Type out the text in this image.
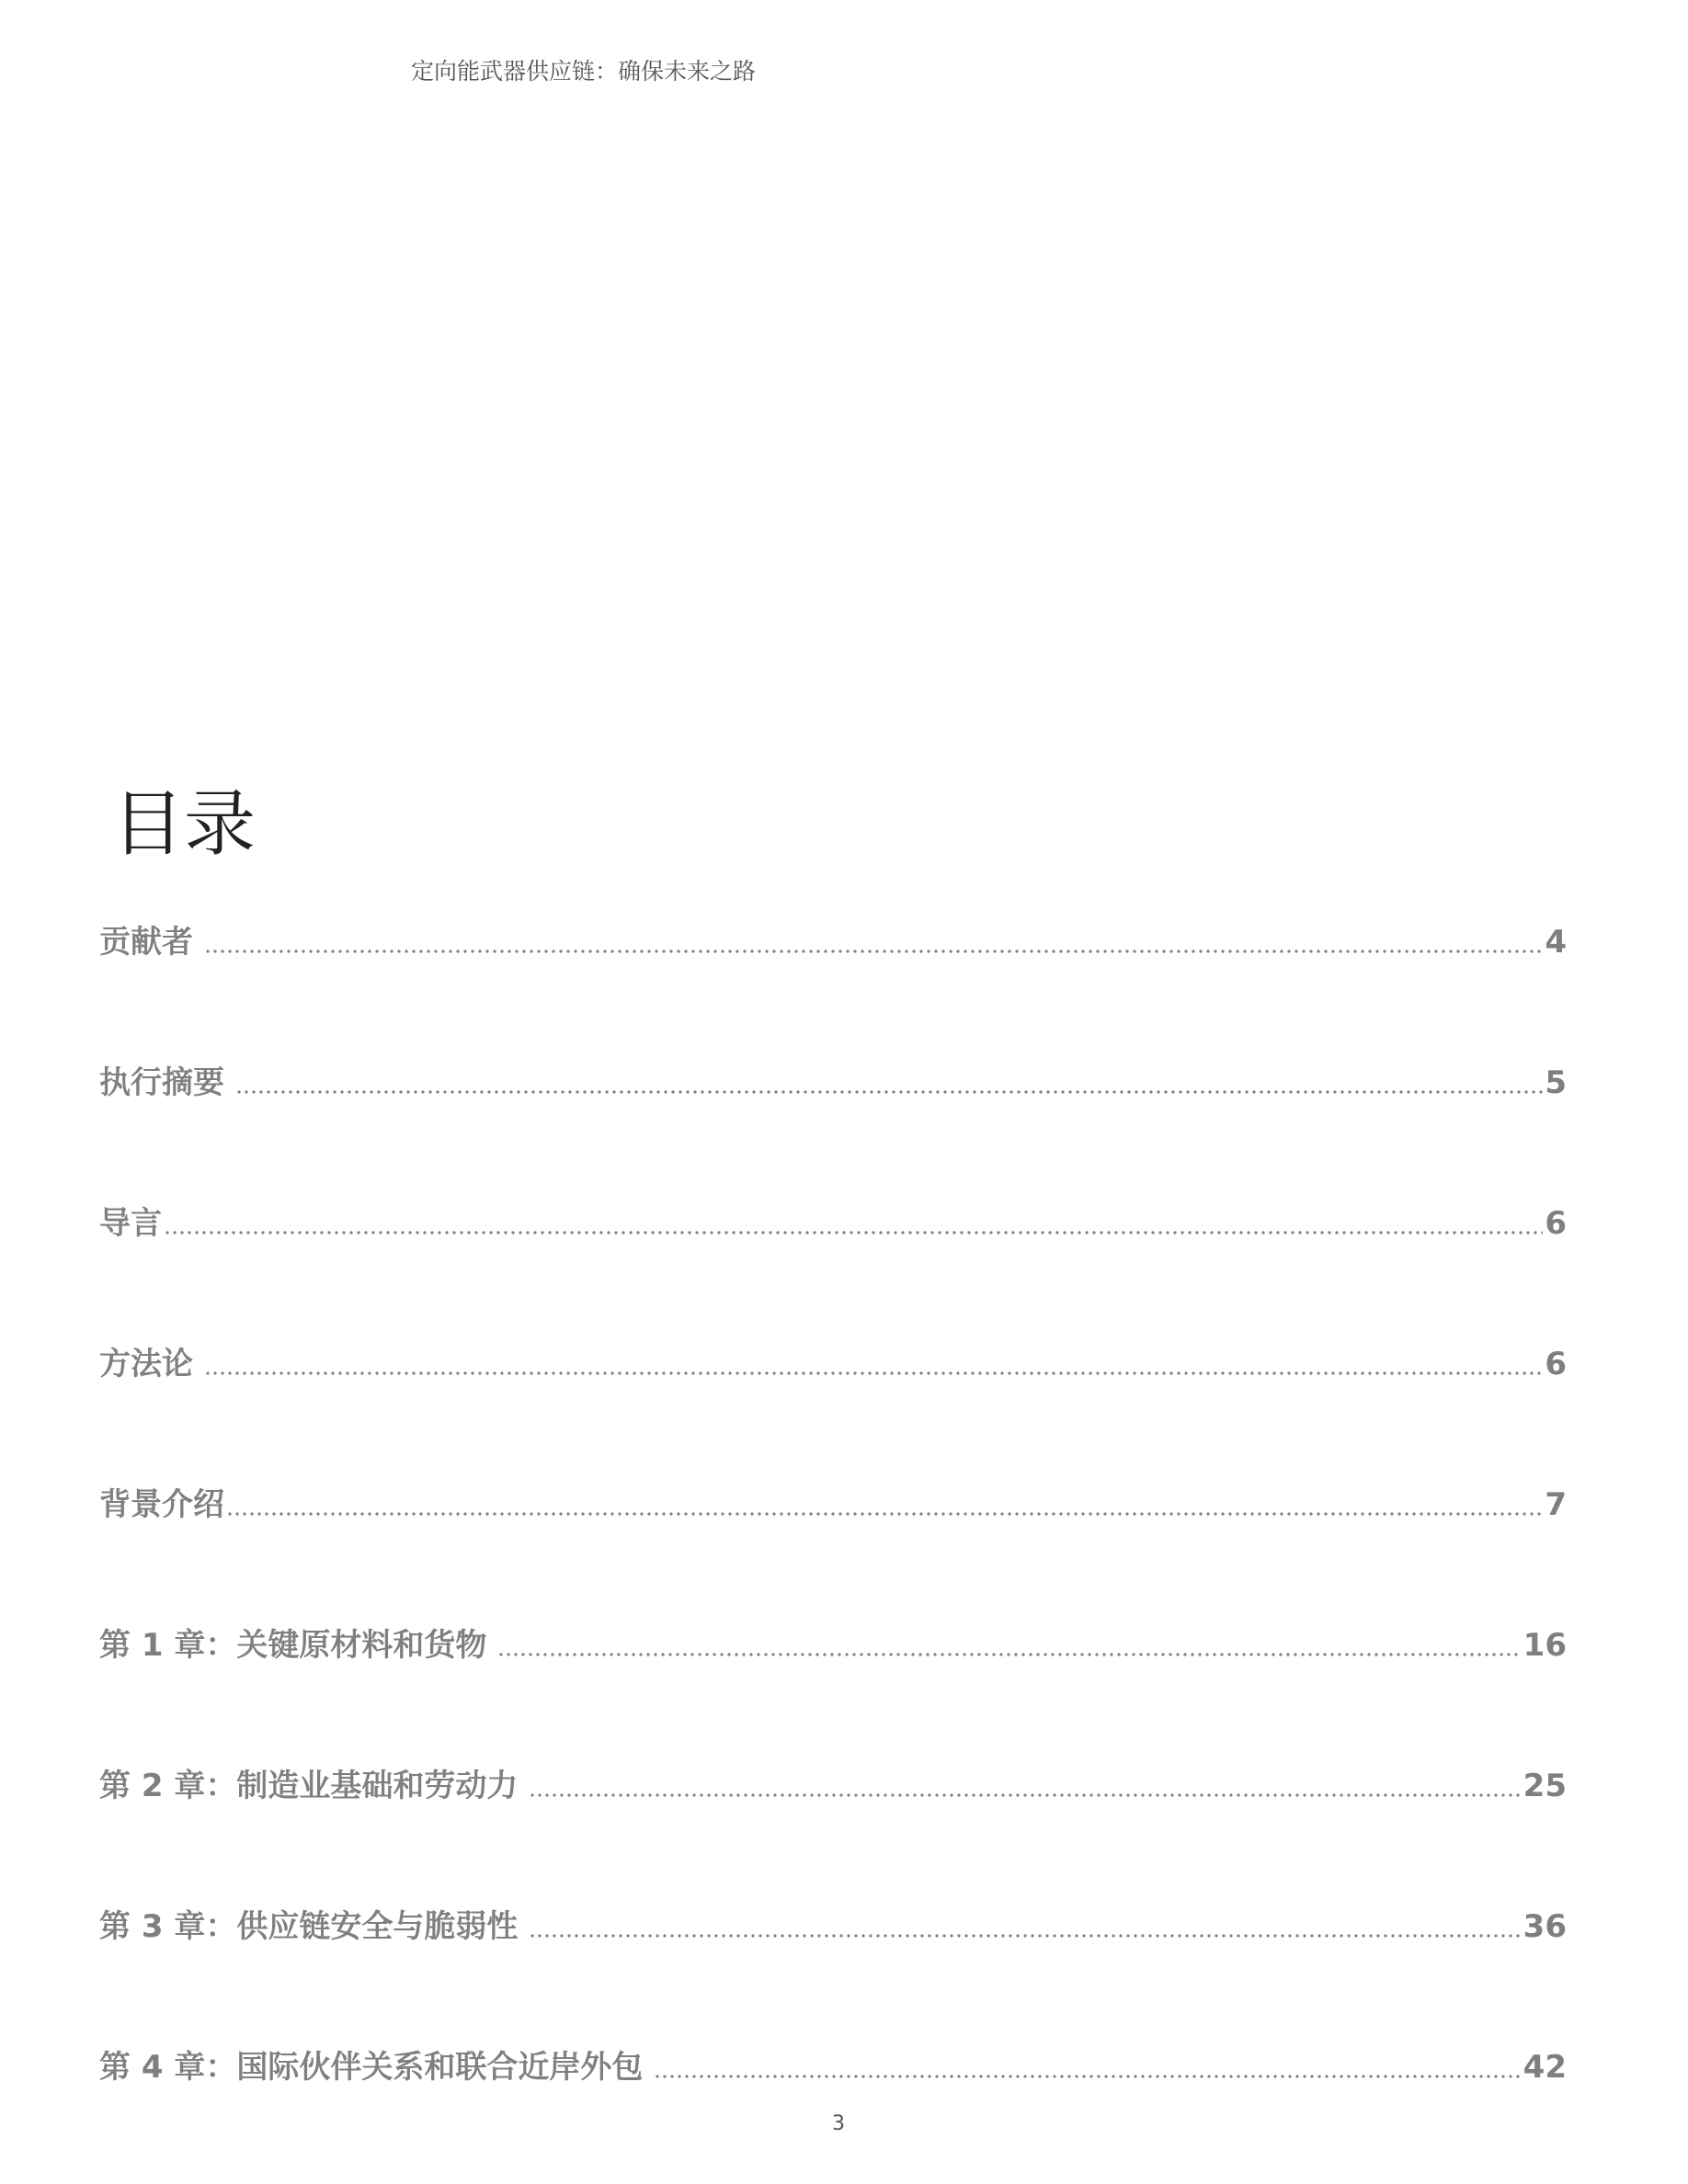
定向能武器供应链：确保未来之路
目录
贡献者	4
执行摘要	5
导言	6
方法论	6
背景介绍	7
第 1 章：关键原材料和货物	16
第 2 章：制造业基础和劳动力	25
第 3 章：供应链安全与脆弱性	36
第 4 章：国际伙伴关系和联合近岸外包	42
3
